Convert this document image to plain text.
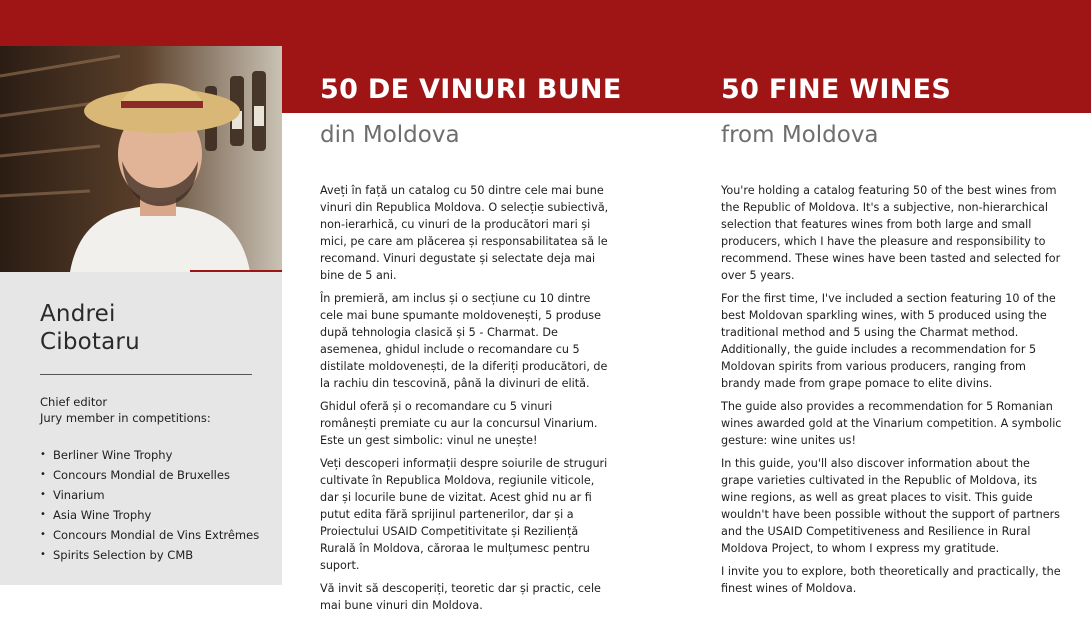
Andrei
Cibotaru
Chief editor
Jury member in competitions:
• Berliner Wine Trophy
• Concours Mondial de Bruxelles
• Vinarium
• Asia Wine Trophy
• Concours Mondial de Vins Extrêmes
• Spirits Selection by CMB
50 DE VINURI BUNE
din Moldova

Aveți în față un catalog cu 50 dintre cele mai bune vinuri din Republica Moldova. O selecție subiectivă, non-ierarhică, cu vinuri de la producători mari și mici, pe care am plăcerea și responsabilitatea să le recomand. Vinuri degustate și selectate deja mai bine de 5 ani.

În premieră, am inclus și o secțiune cu 10 dintre cele mai bune spumante moldovenești, 5 produse după tehnologia clasică și 5 - Charmat. De asemenea, ghidul include o recomandare cu 5 distilate moldovenești, de la diferiți producători, de la rachiu din tescovină, până la divinuri de elită.

Ghidul oferă și o recomandare cu 5 vinuri românești premiate cu aur la concursul Vinarium. Este un gest simbolic: vinul ne unește!

Veți descoperi informații despre soiurile de struguri cultivate în Republica Moldova, regiunile viticole, dar și locurile bune de vizitat. Acest ghid nu ar fi putut edita fără sprijinul partenerilor, dar și a Proiectului USAID Competitivitate și Reziliență Rurală în Moldova, căroraa le mulțumesc pentru suport.

Vă invit să descoperiți, teoretic dar și practic, cele mai bune vinuri din Moldova.

50 FINE WINES
from Moldova

You're holding a catalog featuring 50 of the best wines from the Republic of Moldova. It's a subjective, non-hierarchical selection that features wines from both large and small producers, which I have the pleasure and responsibility to recommend. These wines have been tasted and selected for over 5 years.

For the first time, I've included a section featuring 10 of the best Moldovan sparkling wines, with 5 produced using the traditional method and 5 using the Charmat method. Additionally, the guide includes a recommendation for 5 Moldovan spirits from various producers, ranging from brandy made from grape pomace to elite divins.

The guide also provides a recommendation for 5 Romanian wines awarded gold at the Vinarium competition. A symbolic gesture: wine unites us!

In this guide, you'll also discover information about the grape varieties cultivated in the Republic of Moldova, its wine regions, as well as great places to visit. This guide wouldn't have been possible without the support of partners and the USAID Competitiveness and Resilience in Rural Moldova Project, to whom I express my gratitude.

I invite you to explore, both theoretically and practically, the finest wines of Moldova.
